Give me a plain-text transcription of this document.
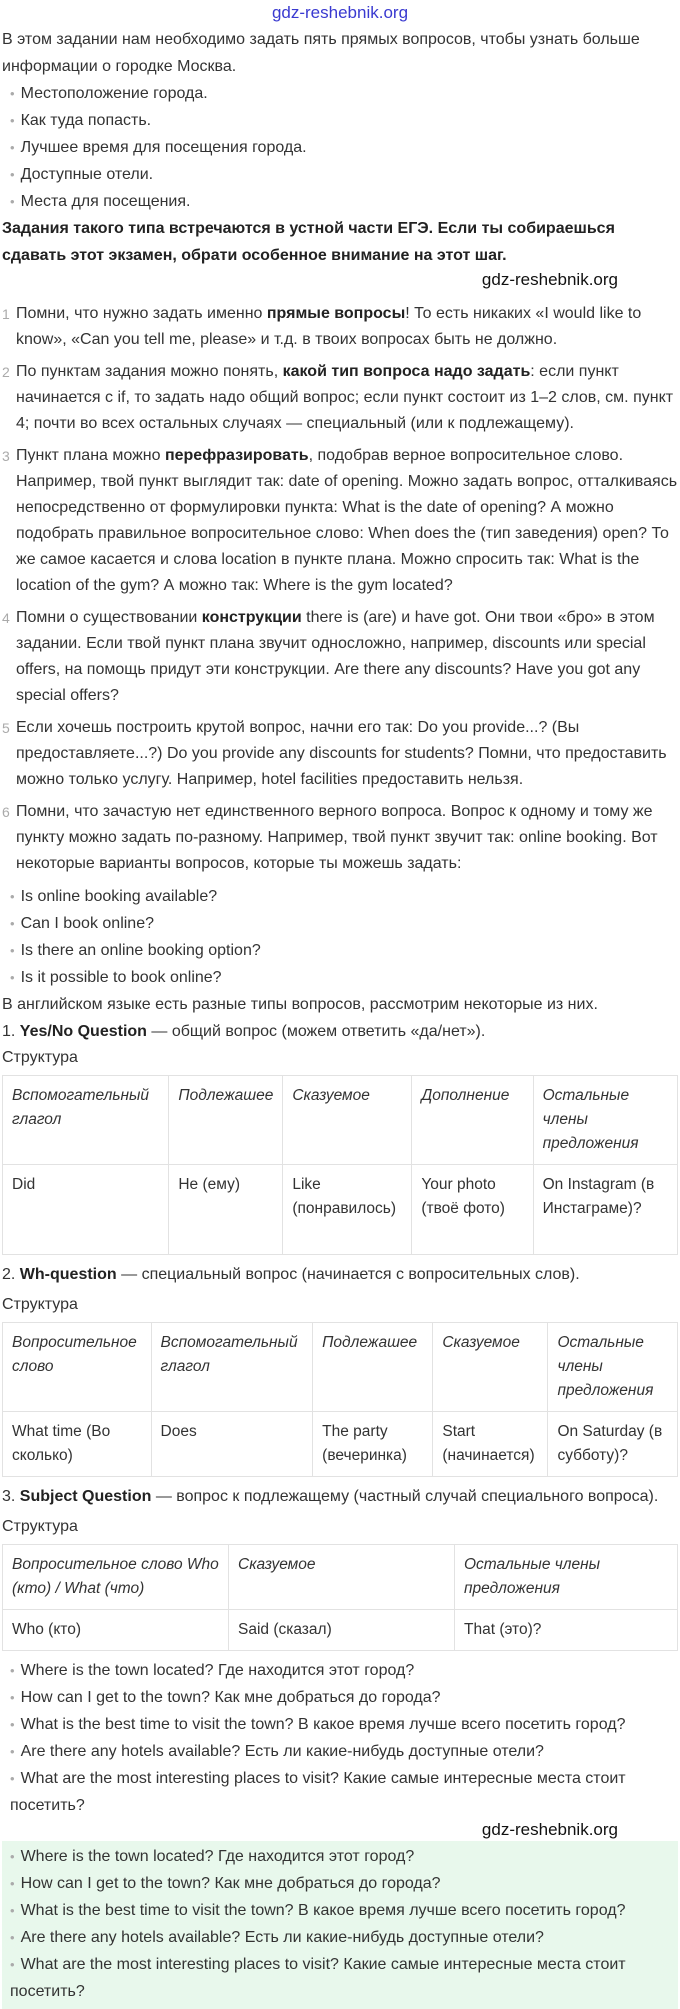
gdz-reshebnik.org

В этом задании нам необходимо задать пять прямых вопросов, чтобы узнать больше информации о городке Москва.

• Местоположение города.
• Как туда попасть.
• Лучшее время для посещения города.
• Доступные отели.
• Места для посещения.

Задания такого типа встречаются в устной части ЕГЭ. Если ты собираешься сдавать этот экзамен, обрати особенное внимание на этот шаг.

gdz-reshebnik.org
1 Помни, что нужно задать именно прямые вопросы! То есть никаких «I would like to know», «Can you tell me, please» и т.д. в твоих вопросах быть не должно.
2 По пунктам задания можно понять, какой тип вопроса надо задать: если пункт начинается с if, то задать надо общий вопрос; если пункт состоит из 1–2 слов, см. пункт 4; почти во всех остальных случаях — специальный (или к подлежащему).
3 Пункт плана можно перефразировать, подобрав верное вопросительное слово. Например, твой пункт выглядит так: date of opening. Можно задать вопрос, отталкиваясь непосредственно от формулировки пункта: What is the date of opening? А можно подобрать правильное вопросительное слово: When does the (тип заведения) open? То же самое касается и слова location в пункте плана. Можно спросить так: What is the location of the gym? А можно так: Where is the gym located?
4 Помни о существовании конструкции there is (are) и have got. Они твои «бро» в этом задании. Если твой пункт плана звучит односложно, например, discounts или special offers, на помощь придут эти конструкции. Are there any discounts? Have you got any special offers?
5 Если хочешь построить крутой вопрос, начни его так: Do you provide...? (Вы предоставляете...?) Do you provide any discounts for students? Помни, что предоставить можно только услугу. Например, hotel facilities предоставить нельзя.
6 Помни, что зачастую нет единственного верного вопроса. Вопрос к одному и тому же пункту можно задать по-разному. Например, твой пункт звучит так: online booking. Вот некоторые варианты вопросов, которые ты можешь задать:
• Is online booking available?
• Can I book online?
• Is there an online booking option?
• Is it possible to book online?

В английском языке есть разные типы вопросов, рассмотрим некоторые из них.

1. Yes/No Question — общий вопрос (можем ответить «да/нет»).

Структура
Вспомогательный глагол	Подлежашее	Сказуемое	Дополнение	Остальные члены предложения
Did	He (ему)	Like (понравилось)	Your photo (твоё фото)	On Instagram (в Инстаграме)?

2. Wh-question — специальный вопрос (начинается с вопросительных слов).

Структура
Вопросительное слово	Вспомогательный глагол	Подлежашее	Сказуемое	Остальные члены предложения
What time (Во сколько)	Does	The party (вечеринка)	Start (начинается)	On Saturday (в субботу)?

3. Subject Question — вопрос к подлежащему (частный случай специального вопроса).

Структура
Вопросительное слово Who (кто) / What (что)	Сказуемое	Остальные члены предложения
Who (кто)	Said (сказал)	That (это)?
• Where is the town located? Где находится этот город?
• How can I get to the town? Как мне добраться до города?
• What is the best time to visit the town? В какое время лучше всего посетить город?
• Are there any hotels available? Есть ли какие-нибудь доступные отели?
• What are the most interesting places to visit? Какие самые интересные места стоит посетить?
gdz-reshebnik.org
• Where is the town located? Где находится этот город?
• How can I get to the town? Как мне добраться до города?
• What is the best time to visit the town? В какое время лучше всего посетить город?
• Are there any hotels available? Есть ли какие-нибудь доступные отели?
• What are the most interesting places to visit? Какие самые интересные места стоит посетить?
